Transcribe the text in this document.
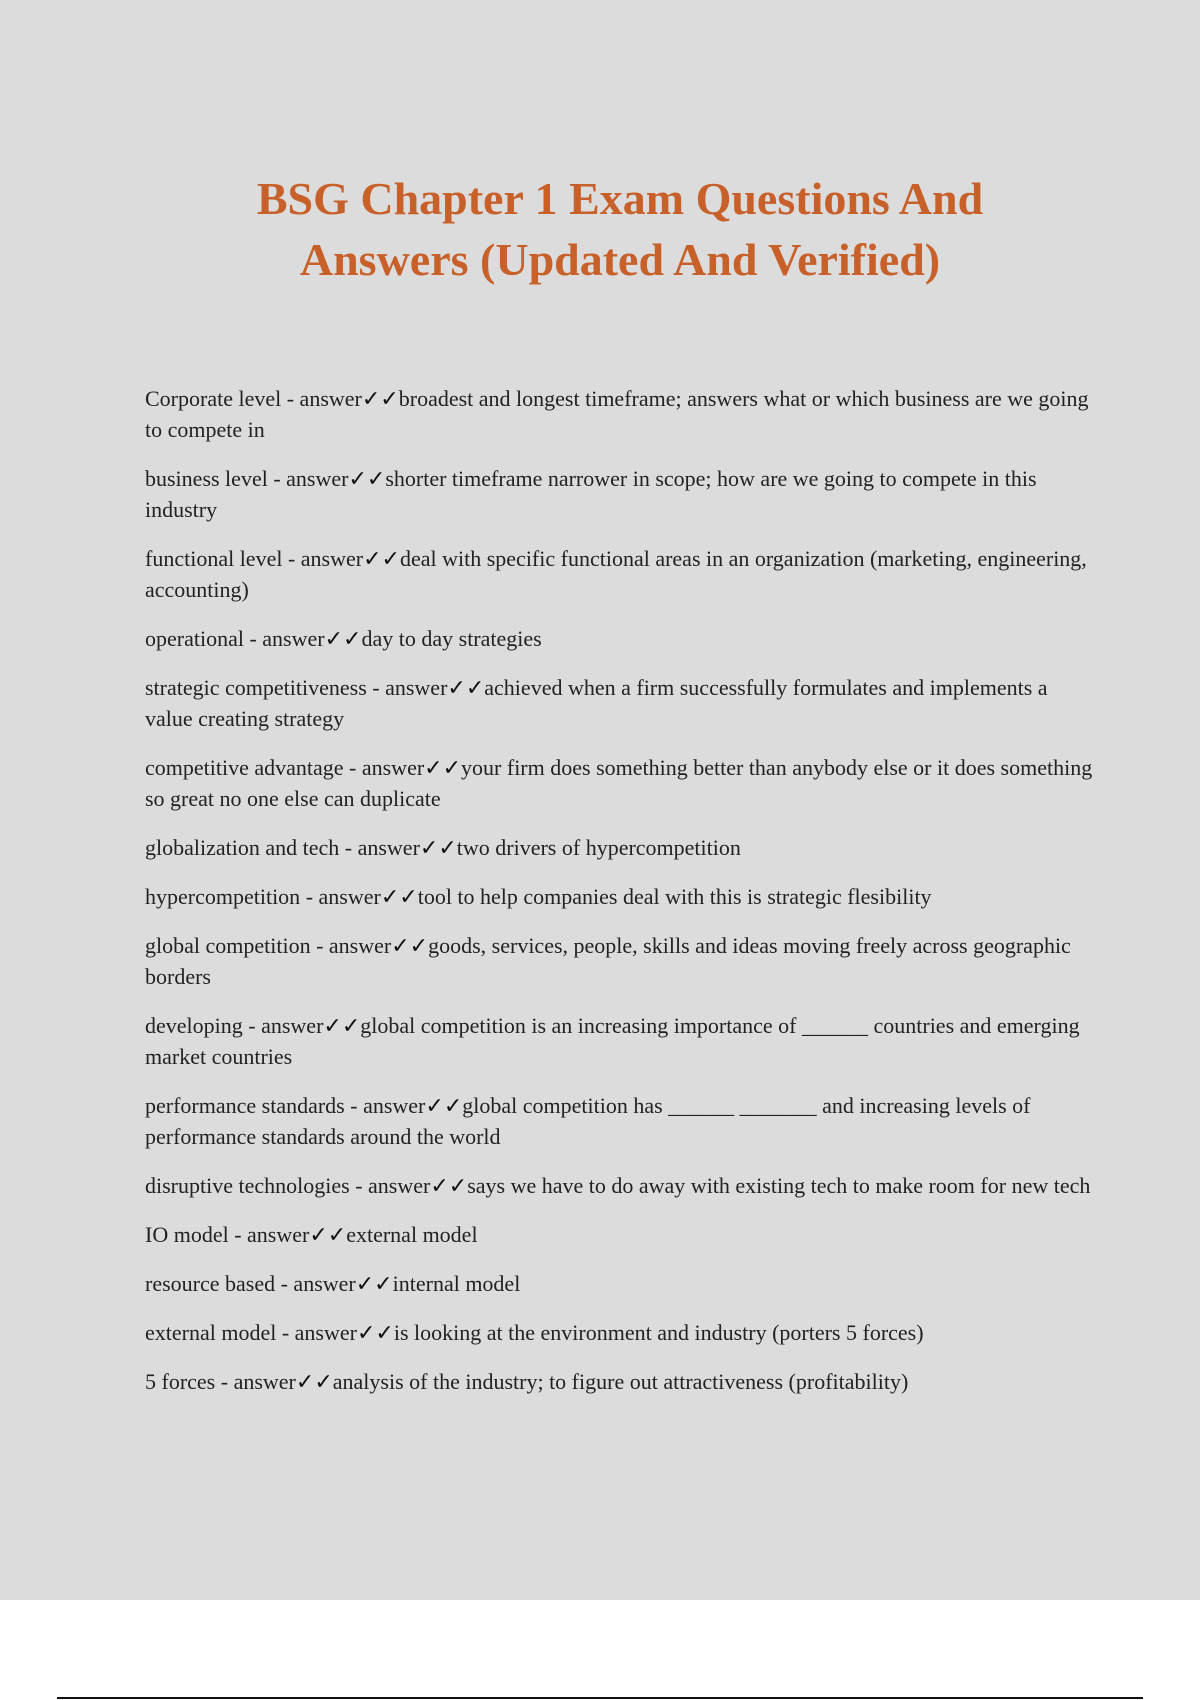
BSG Chapter 1 Exam Questions And
Answers (Updated And Verified)

Corporate level - answer✓✓broadest and longest timeframe; answers what or which business are we going to compete in

business level - answer✓✓shorter timeframe narrower in scope; how are we going to compete in this industry

functional level - answer✓✓deal with specific functional areas in an organization (marketing, engineering, accounting)

operational - answer✓✓day to day strategies

strategic competitiveness - answer✓✓achieved when a firm successfully formulates and implements a value creating strategy

competitive advantage - answer✓✓your firm does something better than anybody else or it does something so great no one else can duplicate

globalization and tech - answer✓✓two drivers of hypercompetition

hypercompetition - answer✓✓tool to help companies deal with this is strategic flesibility

global competition - answer✓✓goods, services, people, skills and ideas moving freely across geographic borders

developing - answer✓✓global competition is an increasing importance of ______ countries and emerging market countries

performance standards - answer✓✓global competition has ______ _______ and increasing levels of performance standards around the world

disruptive technologies - answer✓✓says we have to do away with existing tech to make room for new tech

IO model - answer✓✓external model

resource based - answer✓✓internal model

external model - answer✓✓is looking at the environment and industry (porters 5 forces)

5 forces - answer✓✓analysis of the industry; to figure out attractiveness (profitability)
